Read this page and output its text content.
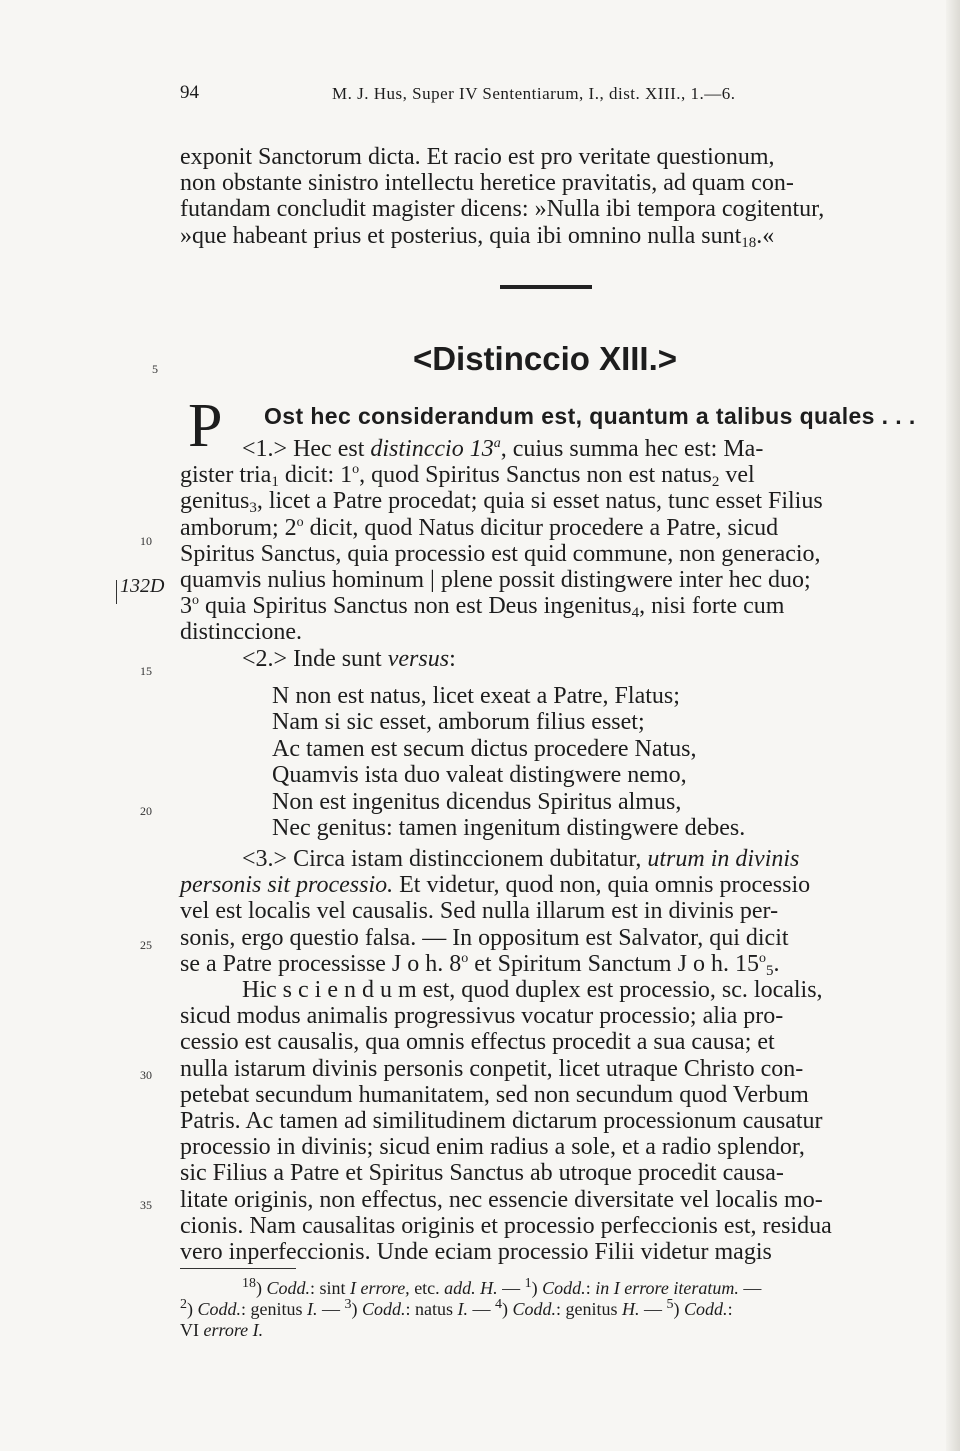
94	M. J. Hus, Super IV Sententiarum, I., dist. XIII., 1.—6.

exponit Sanctorum dicta. Et racio est pro veritate questionum,

non obstante sinistro intellectu heretice pravitatis, ad quam con-

futandam concludit magister dicens: »Nulla ibi tempora cogitentur,

»que habeant prius et posterius, quia ibi omnino nulla sunt$_{18}$.«

5	<Distinccio XIII.>
P Ost hec considerandum est, quantum a talibus quales . . .

<1.> Hec est distinccio 13$^a$, cuius summa hec est: Ma-

gister tria$_1$ dicit: 1$^o$, quod Spiritus Sanctus non est natus$_2$ vel

genitus$_3$, licet a Patre procedat; quia si esset natus, tunc esset Filius

amborum; 2$^o$ dicit, quod Natus dicitur procedere a Patre, sicud

Spiritus Sanctus, quia processio est quid commune, non generacio,

quamvis nulius hominum | plene possit distingwere inter hec duo;

3$^o$ quia Spiritus Sanctus non est Deus ingenitus$_4$, nisi forte cum

distinccione.

<2.> Inde sunt versus:

10
132D
15
N non est natus, licet exeat a Patre, Flatus;
Nam si sic esset, amborum filius esset;
Ac tamen est secum dictus procedere Natus,
Quamvis ista duo valeat distingwere nemo,
Non est ingenitus dicendus Spiritus almus,
Nec genitus: tamen ingenitum distingwere debes.
20

<3.> Circa istam distinccionem dubitatur, utrum in divinis

personis sit processio. Et videtur, quod non, quia omnis processio

vel est localis vel causalis. Sed nulla illarum est in divinis per-

sonis, ergo questio falsa. — In oppositum est Salvator, qui dicit

se a Patre processisse J o h. 8$^o$ et Spiritum Sanctum J o h. $15^o_5$.

Hic s c i e n d u m est, quod duplex est processio, sc. localis,

sicud modus animalis progressivus vocatur processio; alia pro-

cessio est causalis, qua omnis effectus procedit a sua causa; et

nulla istarum divinis personis conpetit, licet utraque Christo con-

petebat secundum humanitatem, sed non secundum quod Verbum

Patris. Ac tamen ad similitudinem dictarum processionum causatur

processio in divinis; sicud enim radius a sole, et a radio splendor,

sic Filius a Patre et Spiritus Sanctus ab utroque procedit causa-

litate originis, non effectus, nec essencie diversitate vel localis mo-

cionis. Nam causalitas originis et processio perfeccionis est, residua

vero inperfeccionis. Unde eciam processio Filii videtur magis

25
30
35

$^{18}$) Codd.: sint I errore, etc. add. H. — $^1$) Codd.: in I errore iteratum. —

$^2$) Codd.: genitus I. — $^3$) Codd.: natus I. — $^4$) Codd.: genitus H. — $^5$) Codd.:

VI errore I.
